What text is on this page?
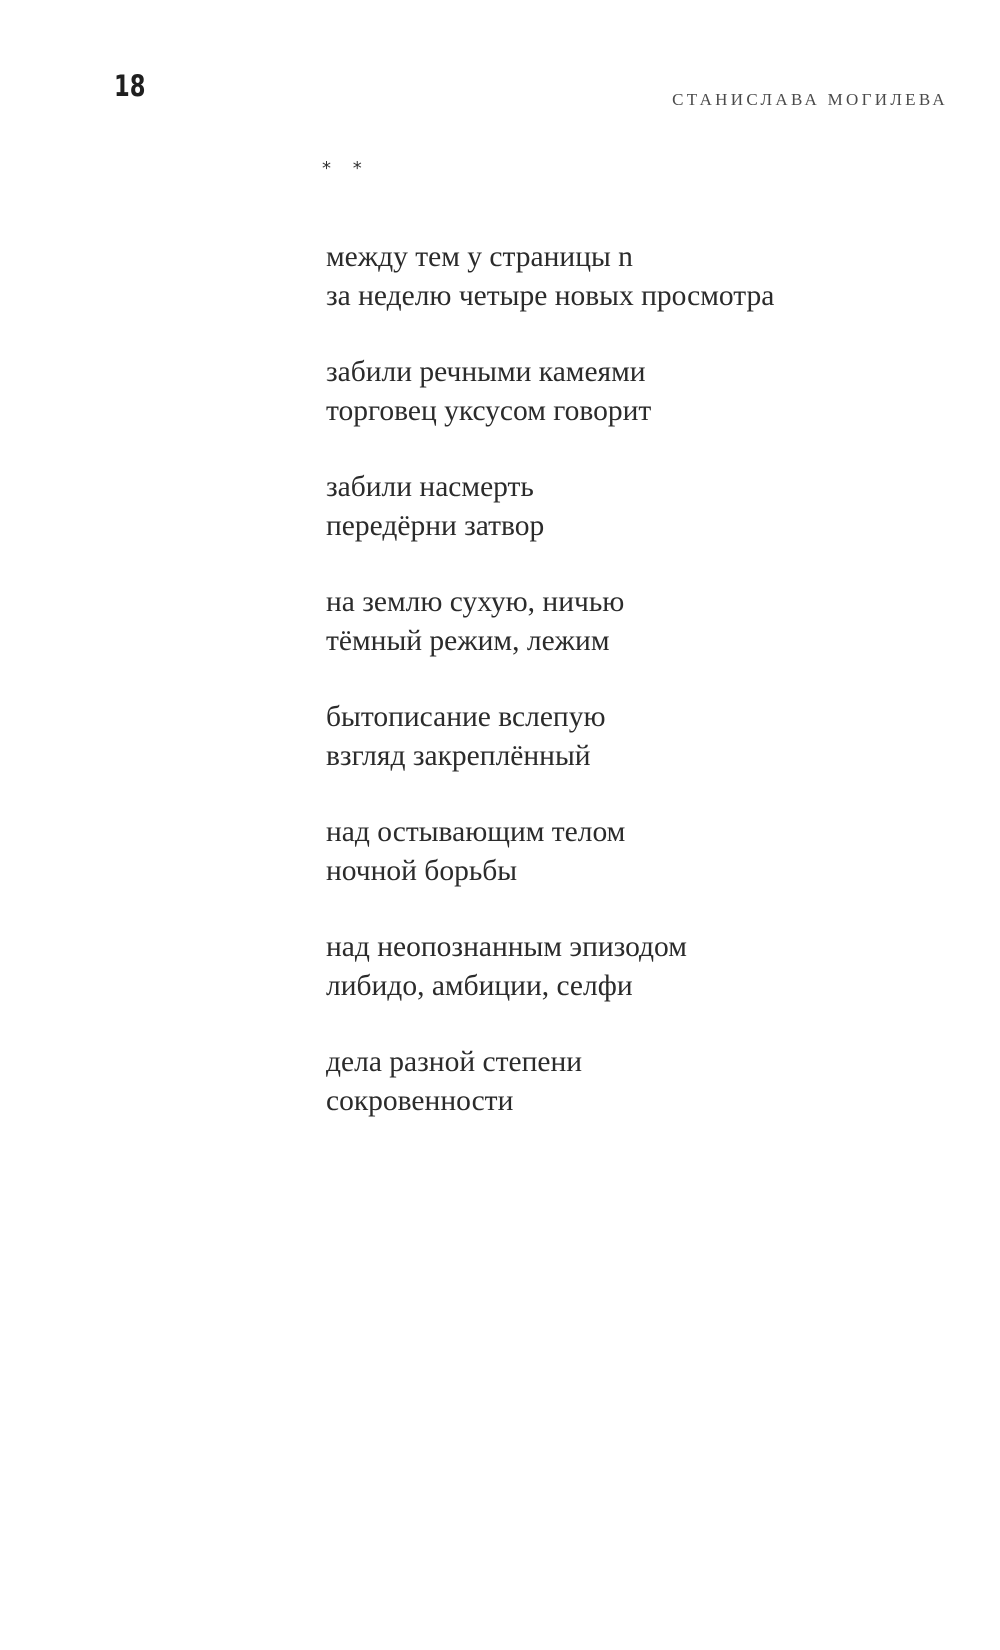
18	СТАНИСЛАВА МОГИЛЕВА
* *
между тем у страницы n
за неделю четыре новых просмотра
забили речными камеями
торговец уксусом говорит
забили насмерть
передёрни затвор
на землю сухую, ничью
тёмный режим, лежим
бытописание вслепую
взгляд закреплённый
над остывающим телом
ночной борьбы
над неопознанным эпизодом
либидо, амбиции, селфи
дела разной степени
сокровенности
